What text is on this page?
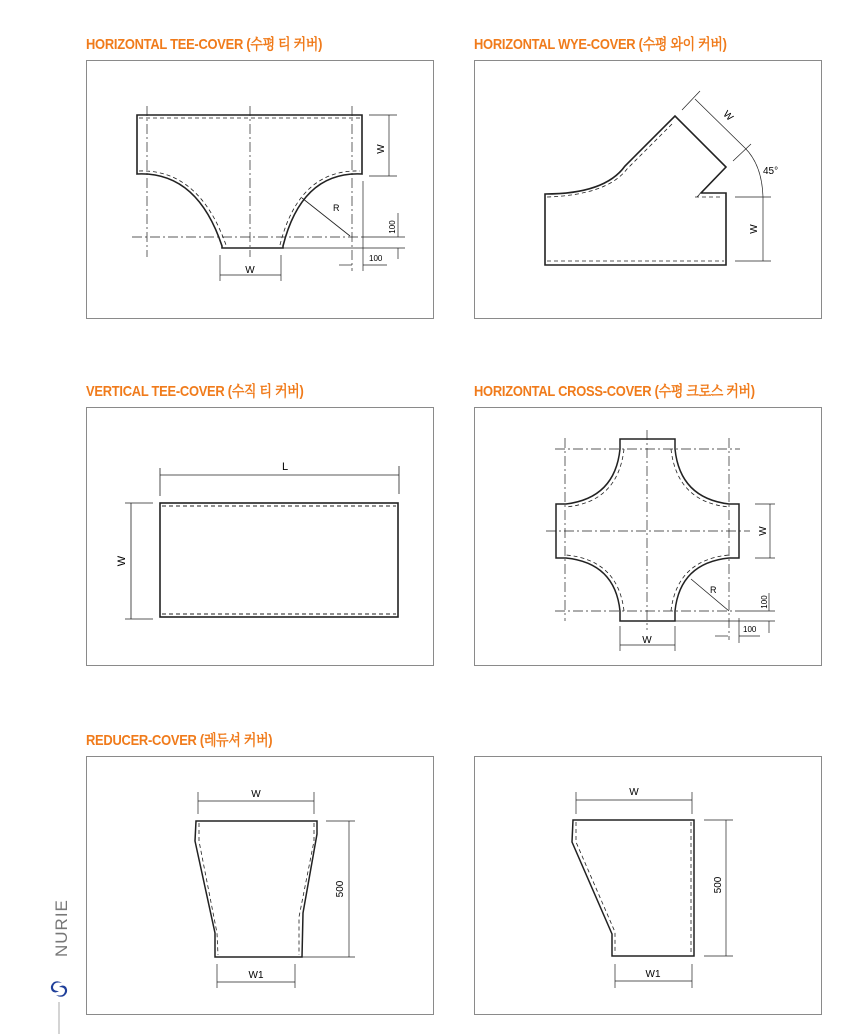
HORIZONTAL TEE-COVER (수평 티 커버)	HORIZONTAL WYE-COVER (수평 와이 커버)
VERTICAL TEE-COVER (수직 티 커버)	HORIZONTAL CROSS-COVER (수평 크로스 커버)
REDUCER-COVER (레듀셔 커버)
W
R
100
100
W
W
45°
W
L
W
W
R
100
100
W
W
500
W1
W
500
W1
NURIE
